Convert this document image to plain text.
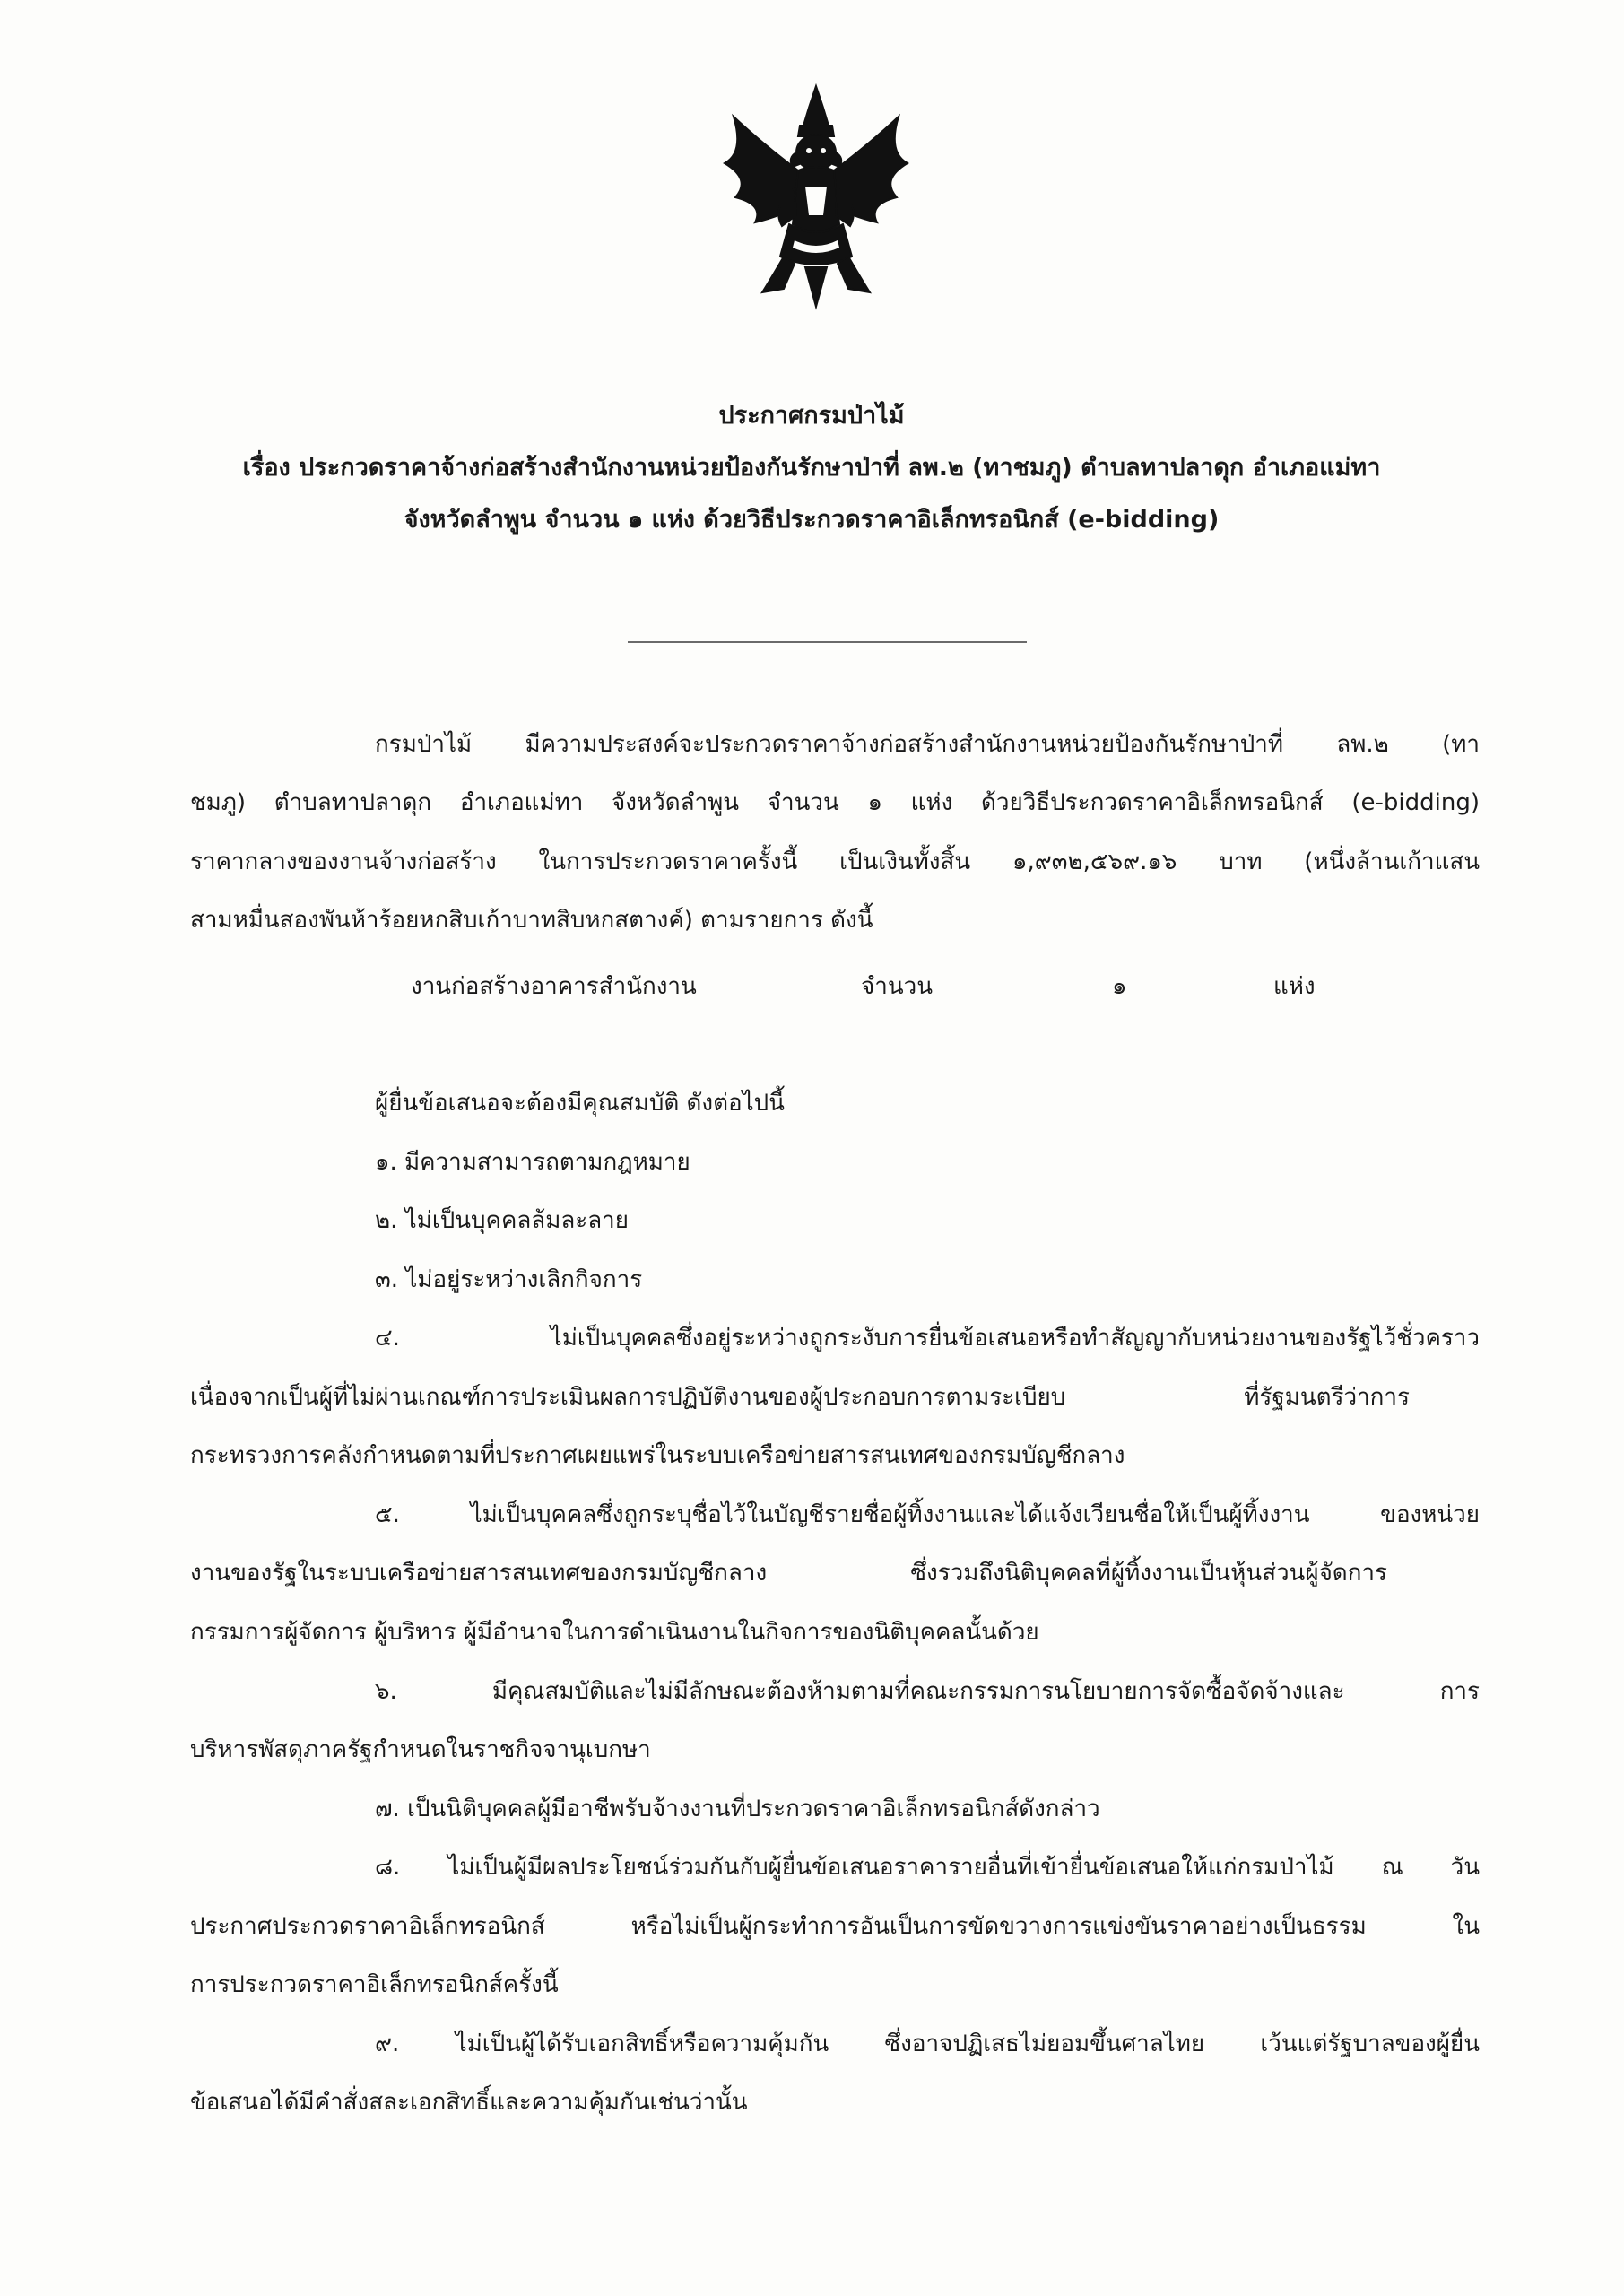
ประกาศกรมป่าไม้
เรื่อง ประกวดราคาจ้างก่อสร้างสำนักงานหน่วยป้องกันรักษาป่าที่ ลพ.๒ (ทาชมภู) ตำบลทาปลาดุก อำเภอแม่ทา
จังหวัดลำพูน จำนวน ๑ แห่ง ด้วยวิธีประกวดราคาอิเล็กทรอนิกส์ (e-bidding)
กรมป่าไม้ มีความประสงค์จะประกวดราคาจ้างก่อสร้างสำนักงานหน่วยป้องกันรักษาป่าที่ ลพ.๒ (ทา
ชมภู) ตำบลทาปลาดุก อำเภอแม่ทา จังหวัดลำพูน จำนวน ๑ แห่ง ด้วยวิธีประกวดราคาอิเล็กทรอนิกส์ (e-bidding)
ราคากลางของงานจ้างก่อสร้าง ในการประกวดราคาครั้งนี้ เป็นเงินทั้งสิ้น ๑,๙๓๒,๕๖๙.๑๖ บาท (หนึ่งล้านเก้าแสน
สามหมื่นสองพันห้าร้อยหกสิบเก้าบาทสิบหกสตางค์) ตามรายการ ดังนี้
งานก่อสร้างอาคารสำนักงาน	จำนวน	๑	แห่ง
ผู้ยื่นข้อเสนอจะต้องมีคุณสมบัติ ดังต่อไปนี้
๑. มีความสามารถตามกฎหมาย
๒. ไม่เป็นบุคคลล้มละลาย
๓. ไม่อยู่ระหว่างเลิกกิจการ
๔. ไม่เป็นบุคคลซึ่งอยู่ระหว่างถูกระงับการยื่นข้อเสนอหรือทำสัญญากับหน่วยงานของรัฐไว้ชั่วคราว
เนื่องจากเป็นผู้ที่ไม่ผ่านเกณฑ์การประเมินผลการปฏิบัติงานของผู้ประกอบการตามระเบียบ ที่รัฐมนตรีว่าการ
กระทรวงการคลังกำหนดตามที่ประกาศเผยแพร่ในระบบเครือข่ายสารสนเทศของกรมบัญชีกลาง
๕. ไม่เป็นบุคคลซึ่งถูกระบุชื่อไว้ในบัญชีรายชื่อผู้ทิ้งงานและได้แจ้งเวียนชื่อให้เป็นผู้ทิ้งงาน ของหน่วย
งานของรัฐในระบบเครือข่ายสารสนเทศของกรมบัญชีกลาง ซึ่งรวมถึงนิติบุคคลที่ผู้ทิ้งงานเป็นหุ้นส่วนผู้จัดการ
กรรมการผู้จัดการ ผู้บริหาร ผู้มีอำนาจในการดำเนินงานในกิจการของนิติบุคคลนั้นด้วย
๖. มีคุณสมบัติและไม่มีลักษณะต้องห้ามตามที่คณะกรรมการนโยบายการจัดซื้อจัดจ้างและ การ
บริหารพัสดุภาครัฐกำหนดในราชกิจจานุเบกษา
๗. เป็นนิติบุคคลผู้มีอาชีพรับจ้างงานที่ประกวดราคาอิเล็กทรอนิกส์ดังกล่าว
๘. ไม่เป็นผู้มีผลประโยชน์ร่วมกันกับผู้ยื่นข้อเสนอราคารายอื่นที่เข้ายื่นข้อเสนอให้แก่กรมป่าไม้ ณ วัน
ประกาศประกวดราคาอิเล็กทรอนิกส์ หรือไม่เป็นผู้กระทำการอันเป็นการขัดขวางการแข่งขันราคาอย่างเป็นธรรม ใน
การประกวดราคาอิเล็กทรอนิกส์ครั้งนี้
๙. ไม่เป็นผู้ได้รับเอกสิทธิ์หรือความคุ้มกัน ซึ่งอาจปฏิเสธไม่ยอมขึ้นศาลไทย เว้นแต่รัฐบาลของผู้ยื่น
ข้อเสนอได้มีคำสั่งสละเอกสิทธิ์และความคุ้มกันเช่นว่านั้น
